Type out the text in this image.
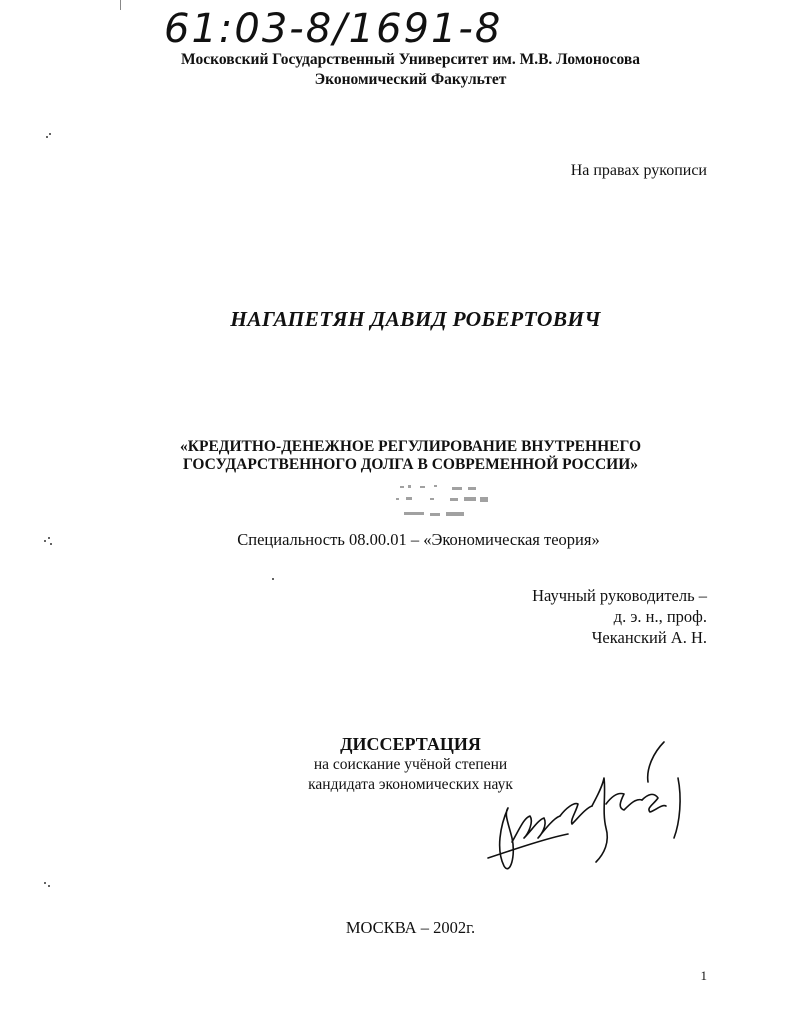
61:03-8/1691-8
Московский Государственный Университет им. М.В. Ломоносова
Экономический Факультет
На правах рукописи
НАГАПЕТЯН ДАВИД РОБЕРТОВИЧ
«КРЕДИТНО-ДЕНЕЖНОЕ РЕГУЛИРОВАНИЕ ВНУТРЕННЕГО
ГОСУДАРСТВЕННОГО ДОЛГА В СОВРЕМЕННОЙ РОССИИ»
Специальность 08.00.01 – «Экономическая теория»
Научный руководитель –
д. э. н., проф.
Чеканский А. Н.
ДИССЕРТАЦИЯ
на соискание учёной степени
кандидата экономических наук
МОСКВА – 2002г.
1
